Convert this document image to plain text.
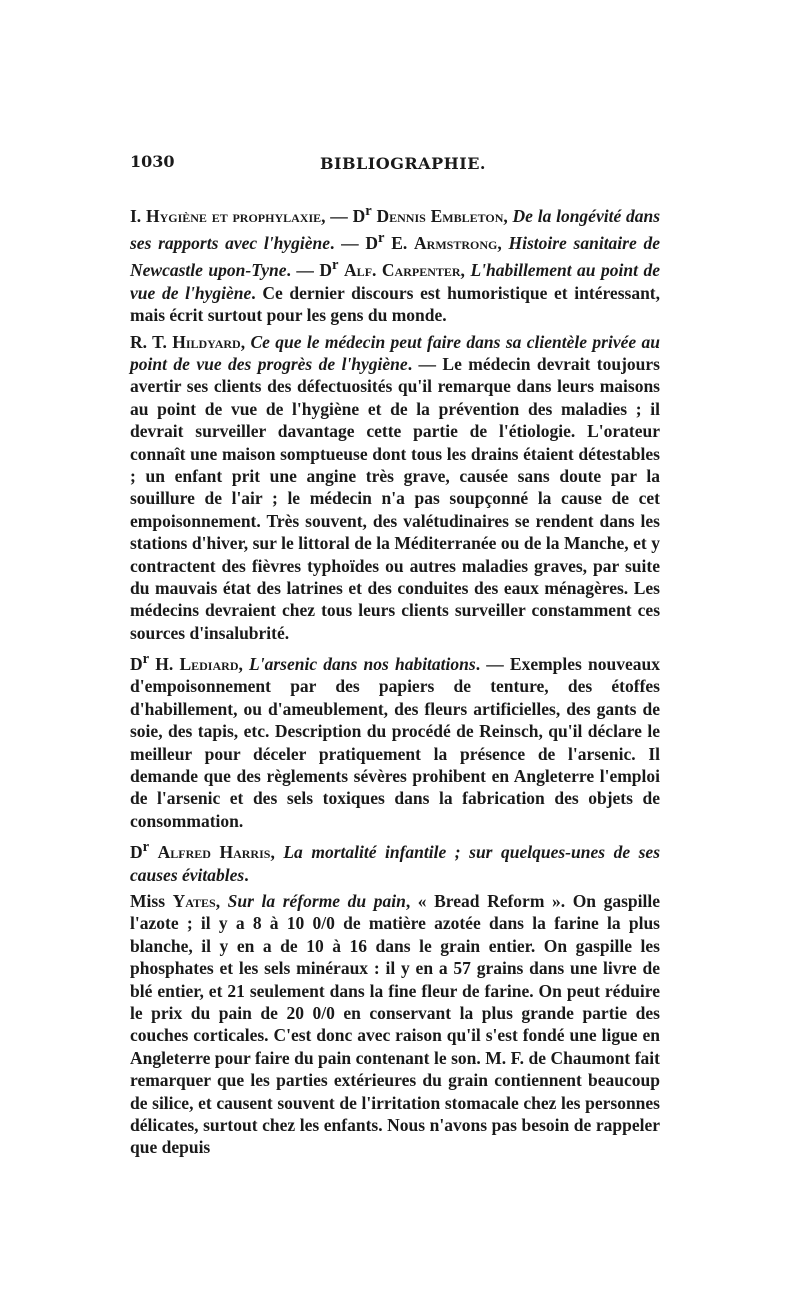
1030	BIBLIOGRAPHIE.

I. Hygiène et prophylaxie, — $D^r$ Dennis Embleton, De la longévité dans ses rapports avec l'hygiène. — $D^r$ E. Armstrong, Histoire sanitaire de Newcastle upon-Tyne. — $D^r$ Alf. Carpenter, L'habillement au point de vue de l'hygiène. Ce dernier discours est humoristique et intéressant, mais écrit surtout pour les gens du monde.

R. T. Hildyard, Ce que le médecin peut faire dans sa clientèle privée au point de vue des progrès de l'hygiène. — Le médecin devrait toujours avertir ses clients des défectuosités qu'il remarque dans leurs maisons au point de vue de l'hygiène et de la prévention des maladies ; il devrait surveiller davantage cette partie de l'étiologie. L'orateur connaît une maison somptueuse dont tous les drains étaient détestables ; un enfant prit une angine très grave, causée sans doute par la souillure de l'air ; le médecin n'a pas soupçonné la cause de cet empoisonnement. Très souvent, des valétudinaires se rendent dans les stations d'hiver, sur le littoral de la Méditerranée ou de la Manche, et y contractent des fièvres typhoïdes ou autres maladies graves, par suite du mauvais état des latrines et des conduites des eaux ménagères. Les médecins devraient chez tous leurs clients surveiller constamment ces sources d'insalubrité.

$D^r$ H. Lediard, L'arsenic dans nos habitations. — Exemples nouveaux d'empoisonnement par des papiers de tenture, des étoffes d'habillement, ou d'ameublement, des fleurs artificielles, des gants de soie, des tapis, etc. Description du procédé de Reinsch, qu'il déclare le meilleur pour déceler pratiquement la présence de l'arsenic. Il demande que des règlements sévères prohibent en Angleterre l'emploi de l'arsenic et des sels toxiques dans la fabrication des objets de consommation.

$D^r$ Alfred Harris, La mortalité infantile ; sur quelques-unes de ses causes évitables.

Miss Yates, Sur la réforme du pain, « Bread Reform ». On gaspille l'azote ; il y a 8 à 10 0/0 de matière azotée dans la farine la plus blanche, il y en a de 10 à 16 dans le grain entier. On gaspille les phosphates et les sels minéraux : il y en a 57 grains dans une livre de blé entier, et 21 seulement dans la fine fleur de farine. On peut réduire le prix du pain de 20 0/0 en conservant la plus grande partie des couches corticales. C'est donc avec raison qu'il s'est fondé une ligue en Angleterre pour faire du pain contenant le son. M. F. de Chaumont fait remarquer que les parties extérieures du grain contiennent beaucoup de silice, et causent souvent de l'irritation stomacale chez les personnes délicates, surtout chez les enfants. Nous n'avons pas besoin de rappeler que depuis
